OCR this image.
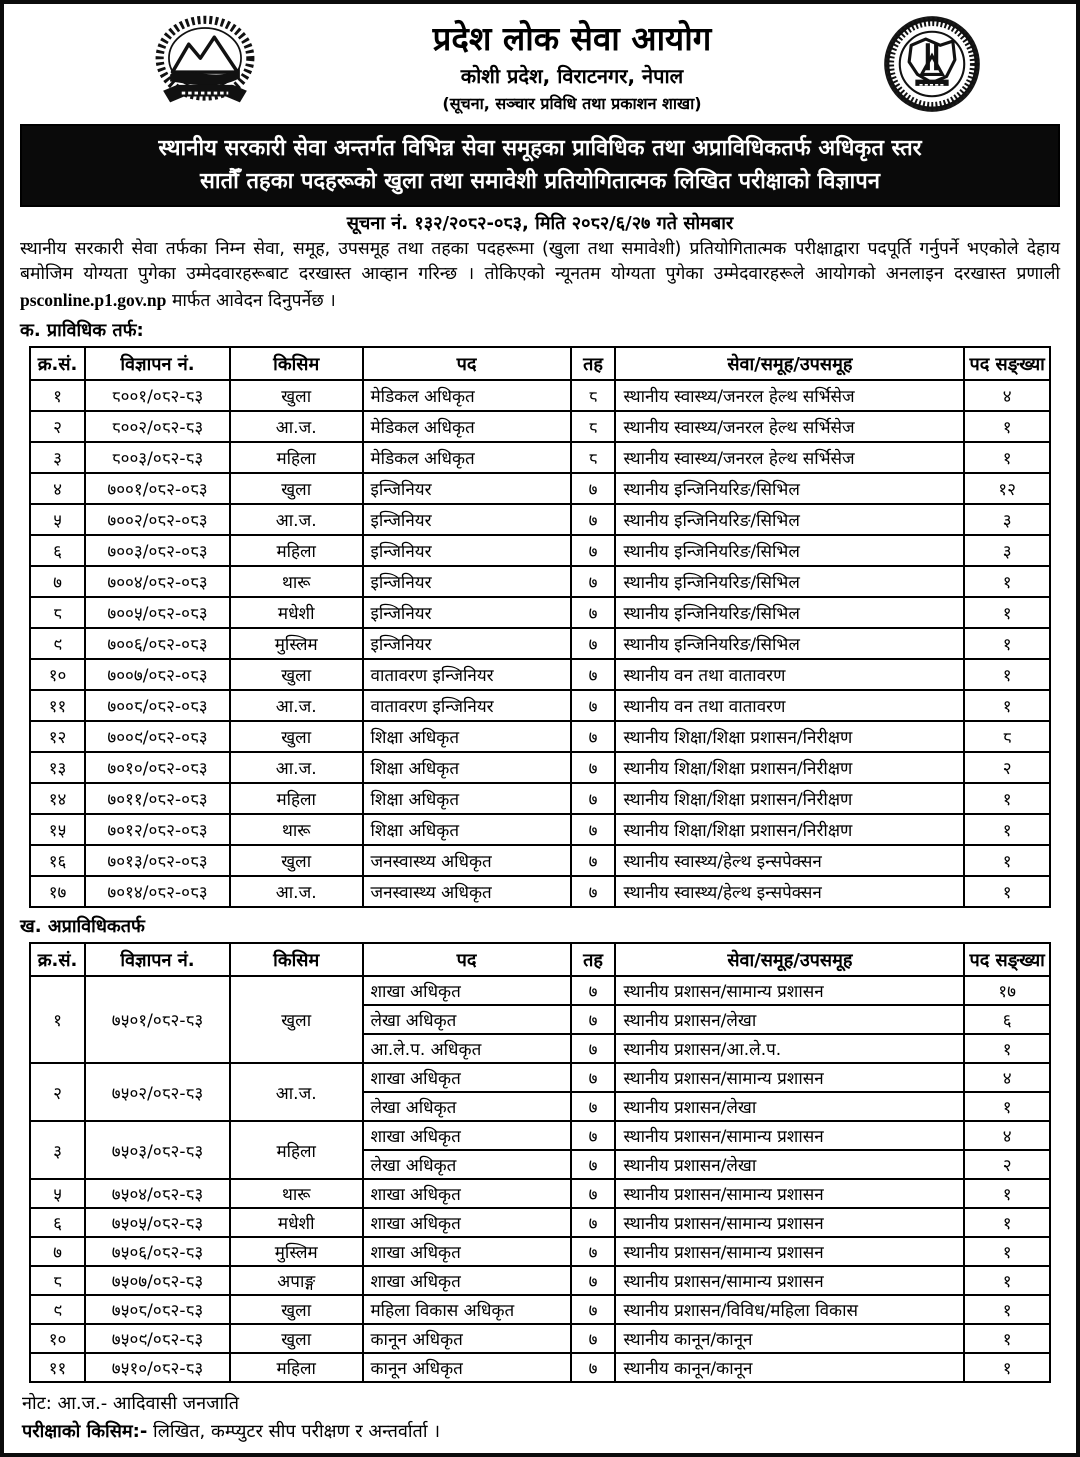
प्रदेश लोक सेवा आयोग
कोशी प्रदेश, विराटनगर, नेपाल
(सूचना, सञ्चार प्रविधि तथा प्रकाशन शाखा)
स्थानीय सरकारी सेवा अन्तर्गत विभिन्न सेवा समूहका प्राविधिक तथा अप्राविधिकतर्फ अधिकृत स्तर
सातौँ तहका पदहरूको खुला तथा समावेशी प्रतियोगितात्मक लिखित परीक्षाको विज्ञापन
सूचना नं. १३२/२०८२-०८३, मिति २०८२/६/२७ गते सोमबार

स्थानीय सरकारी सेवा तर्फका निम्न सेवा, समूह, उपसमूह तथा तहका पदहरूमा (खुला तथा समावेशी) प्रतियोगितात्मक परीक्षाद्वारा पदपूर्ति गर्नुपर्ने भएकोले देहाय बमोजिम योग्यता पुगेका उम्मेदवारहरूबाट दरखास्त आव्हान गरिन्छ । तोकिएको न्यूनतम योग्यता पुगेका उम्मेदवारहरूले आयोगको अनलाइन दरखास्त प्रणाली psconline.p1.gov.np मार्फत आवेदन दिनुपर्नेछ ।

क. प्राविधिक तर्फ:
क्र.सं.	विज्ञापन नं.	किसिम	पद	तह	सेवा/समूह/उपसमूह	पद सङ्ख्या
१	८००१/०८२-८३	खुला	मेडिकल अधिकृत	८	स्थानीय स्वास्थ्य/जनरल हेल्थ सर्भिसेज	४
२	८००२/०८२-८३	आ.ज.	मेडिकल अधिकृत	८	स्थानीय स्वास्थ्य/जनरल हेल्थ सर्भिसेज	१
३	८००३/०८२-८३	महिला	मेडिकल अधिकृत	८	स्थानीय स्वास्थ्य/जनरल हेल्थ सर्भिसेज	१
४	७००१/०८२-०८३	खुला	इन्जिनियर	७	स्थानीय इन्जिनियरिङ/सिभिल	१२
५	७००२/०८२-०८३	आ.ज.	इन्जिनियर	७	स्थानीय इन्जिनियरिङ/सिभिल	३
६	७००३/०८२-०८३	महिला	इन्जिनियर	७	स्थानीय इन्जिनियरिङ/सिभिल	३
७	७००४/०८२-०८३	थारू	इन्जिनियर	७	स्थानीय इन्जिनियरिङ/सिभिल	१
८	७००५/०८२-०८३	मधेशी	इन्जिनियर	७	स्थानीय इन्जिनियरिङ/सिभिल	१
९	७००६/०८२-०८३	मुस्लिम	इन्जिनियर	७	स्थानीय इन्जिनियरिङ/सिभिल	१
१०	७००७/०८२-०८३	खुला	वातावरण इन्जिनियर	७	स्थानीय वन तथा वातावरण	१
११	७००८/०८२-०८३	आ.ज.	वातावरण इन्जिनियर	७	स्थानीय वन तथा वातावरण	१
१२	७००९/०८२-०८३	खुला	शिक्षा अधिकृत	७	स्थानीय शिक्षा/शिक्षा प्रशासन/निरीक्षण	८
१३	७०१०/०८२-०८३	आ.ज.	शिक्षा अधिकृत	७	स्थानीय शिक्षा/शिक्षा प्रशासन/निरीक्षण	२
१४	७०११/०८२-०८३	महिला	शिक्षा अधिकृत	७	स्थानीय शिक्षा/शिक्षा प्रशासन/निरीक्षण	१
१५	७०१२/०८२-०८३	थारू	शिक्षा अधिकृत	७	स्थानीय शिक्षा/शिक्षा प्रशासन/निरीक्षण	१
१६	७०१३/०८२-०८३	खुला	जनस्वास्थ्य अधिकृत	७	स्थानीय स्वास्थ्य/हेल्थ इन्सपेक्सन	१
१७	७०१४/०८२-०८३	आ.ज.	जनस्वास्थ्य अधिकृत	७	स्थानीय स्वास्थ्य/हेल्थ इन्सपेक्सन	१
ख. अप्राविधिकतर्फ
क्र.सं.	विज्ञापन नं.	किसिम	पद	तह	सेवा/समूह/उपसमूह	पद सङ्ख्या
१	७५०१/०८२-८३	खुला	शाखा अधिकृत	७	स्थानीय प्रशासन/सामान्य प्रशासन	१७
			लेखा अधिकृत	७	स्थानीय प्रशासन/लेखा	६
			आ.ले.प. अधिकृत	७	स्थानीय प्रशासन/आ.ले.प.	१
२	७५०२/०८२-८३	आ.ज.	शाखा अधिकृत	७	स्थानीय प्रशासन/सामान्य प्रशासन	४
			लेखा अधिकृत	७	स्थानीय प्रशासन/लेखा	१
३	७५०३/०८२-८३	महिला	शाखा अधिकृत	७	स्थानीय प्रशासन/सामान्य प्रशासन	४
			लेखा अधिकृत	७	स्थानीय प्रशासन/लेखा	२
५	७५०४/०८२-८३	थारू	शाखा अधिकृत	७	स्थानीय प्रशासन/सामान्य प्रशासन	१
६	७५०५/०८२-८३	मधेशी	शाखा अधिकृत	७	स्थानीय प्रशासन/सामान्य प्रशासन	१
७	७५०६/०८२-८३	मुस्लिम	शाखा अधिकृत	७	स्थानीय प्रशासन/सामान्य प्रशासन	१
८	७५०७/०८२-८३	अपाङ्ग	शाखा अधिकृत	७	स्थानीय प्रशासन/सामान्य प्रशासन	१
९	७५०८/०८२-८३	खुला	महिला विकास अधिकृत	७	स्थानीय प्रशासन/विविध/महिला विकास	१
१०	७५०९/०८२-८३	खुला	कानून अधिकृत	७	स्थानीय कानून/कानून	१
११	७५१०/०८२-८३	महिला	कानून अधिकृत	७	स्थानीय कानून/कानून	१
नोट: आ.ज.- आदिवासी जनजाति
परीक्षाको किसिम:- लिखित, कम्प्युटर सीप परीक्षण र अन्तर्वार्ता ।
